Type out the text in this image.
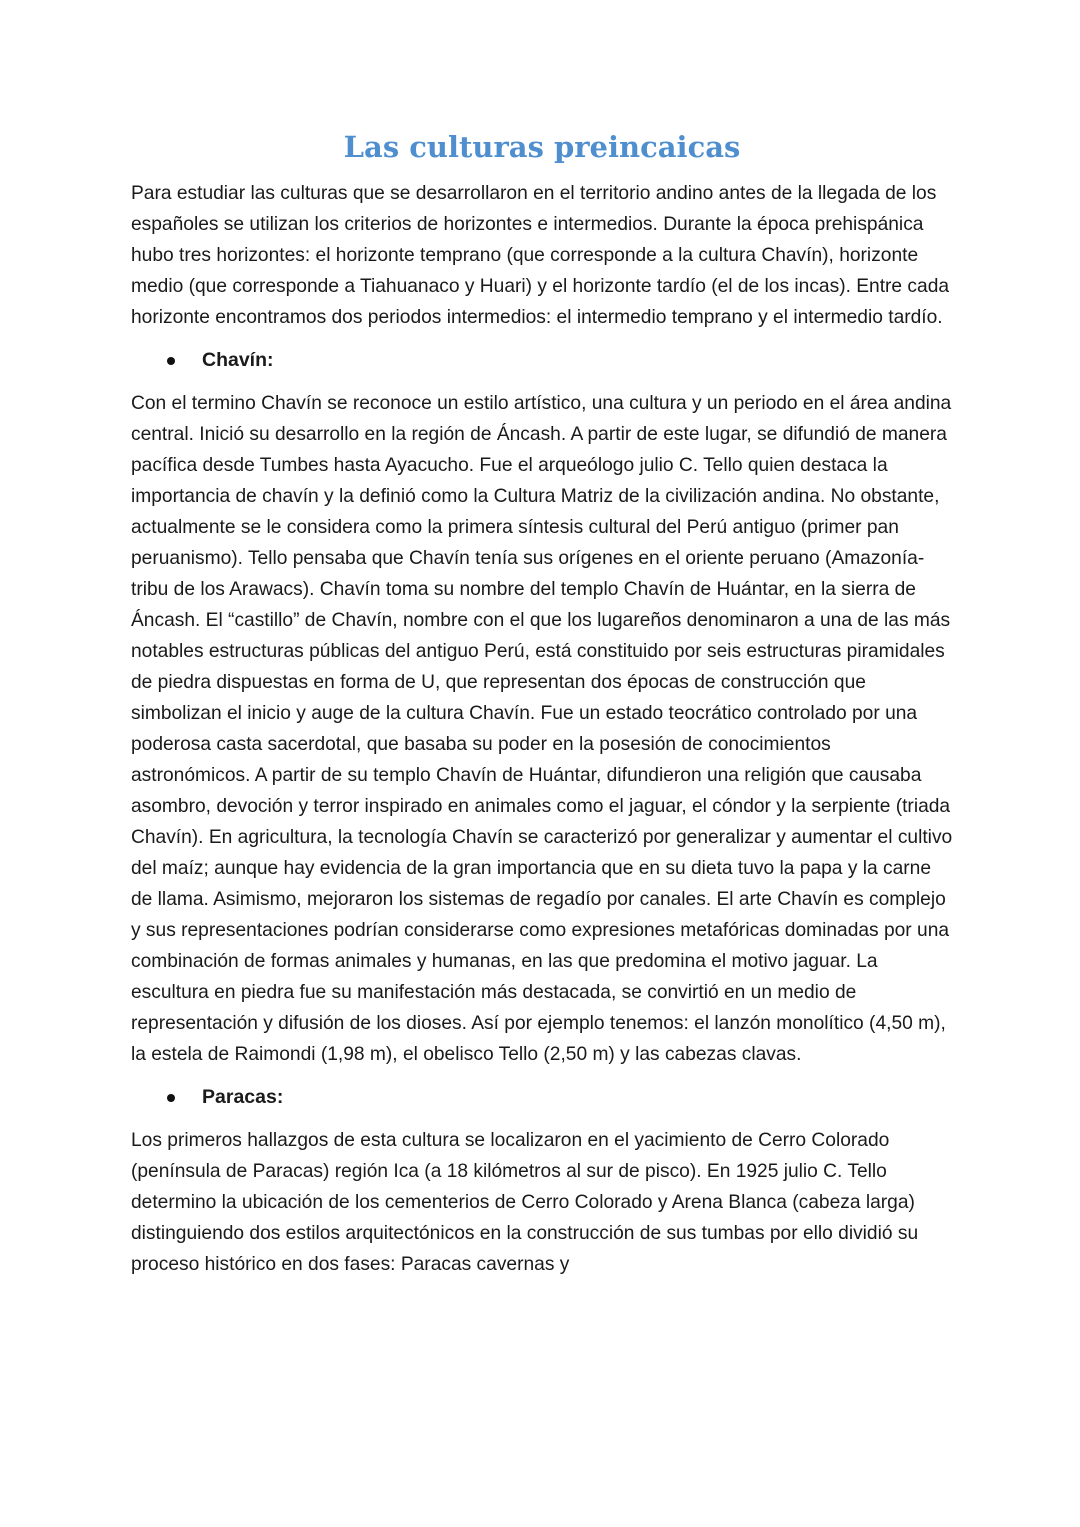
Las culturas preincaicas

Para estudiar las culturas que se desarrollaron en el territorio andino antes de la llegada de los españoles se utilizan los criterios de horizontes e intermedios. Durante la época prehispánica hubo tres horizontes: el horizonte temprano (que corresponde a la cultura Chavín), horizonte medio (que corresponde a Tiahuanaco y Huari) y el horizonte tardío (el de los incas). Entre cada horizonte encontramos dos periodos intermedios: el intermedio temprano y el intermedio tardío.

Chavín:

Con el termino Chavín se reconoce un estilo artístico, una cultura y un periodo en el área andina central. Inició su desarrollo en la región de Áncash. A partir de este lugar, se difundió de manera pacífica desde Tumbes hasta Ayacucho. Fue el arqueólogo julio C. Tello quien destaca la importancia de chavín y la definió como la Cultura Matriz de la civilización andina. No obstante, actualmente se le considera como la primera síntesis cultural del Perú antiguo (primer pan peruanismo). Tello pensaba que Chavín tenía sus orígenes en el oriente peruano (Amazonía-tribu de los Arawacs). Chavín toma su nombre del templo Chavín de Huántar, en la sierra de Áncash. El “castillo” de Chavín, nombre con el que los lugareños denominaron a una de las más notables estructuras públicas del antiguo Perú, está constituido por seis estructuras piramidales de piedra dispuestas en forma de U, que representan dos épocas de construcción que simbolizan el inicio y auge de la cultura Chavín. Fue un estado teocrático controlado por una poderosa casta sacerdotal, que basaba su poder en la posesión de conocimientos astronómicos. A partir de su templo Chavín de Huántar, difundieron una religión que causaba asombro, devoción y terror inspirado en animales como el jaguar, el cóndor y la serpiente (triada Chavín). En agricultura, la tecnología Chavín se caracterizó por generalizar y aumentar el cultivo del maíz; aunque hay evidencia de la gran importancia que en su dieta tuvo la papa y la carne de llama. Asimismo, mejoraron los sistemas de regadío por canales. El arte Chavín es complejo y sus representaciones podrían considerarse como expresiones metafóricas dominadas por una combinación de formas animales y humanas, en las que predomina el motivo jaguar. La escultura en piedra fue su manifestación más destacada, se convirtió en un medio de representación y difusión de los dioses. Así por ejemplo tenemos: el lanzón monolítico (4,50 m), la estela de Raimondi (1,98 m), el obelisco Tello (2,50 m) y las cabezas clavas.

Paracas:

Los primeros hallazgos de esta cultura se localizaron en el yacimiento de Cerro Colorado (península de Paracas) región Ica (a 18 kilómetros al sur de pisco). En 1925 julio C. Tello determino la ubicación de los cementerios de Cerro Colorado y Arena Blanca (cabeza larga) distinguiendo dos estilos arquitectónicos en la construcción de sus tumbas por ello dividió su proceso histórico en dos fases: Paracas cavernas y
